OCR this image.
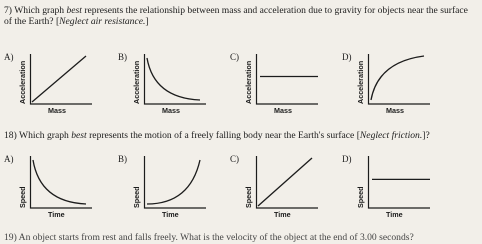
7) Which graph best represents the relationship between mass and acceleration due to gravity for objects near the surface of the Earth? [Neglect air resistance.]
A)
Acceleration
Mass
B)
Acceleration
Mass
C)
Acceleration
Mass
D)
Acceleration
Mass
18) Which graph best represents the motion of a freely falling body near the Earth's surface [Neglect friction.]?
A)
Speed
Time
B)
Speed
Time
C)
Speed
Time
D)
Speed
Time
19) An object starts from rest and falls freely. What is the velocity of the object at the end of 3.00 seconds?
